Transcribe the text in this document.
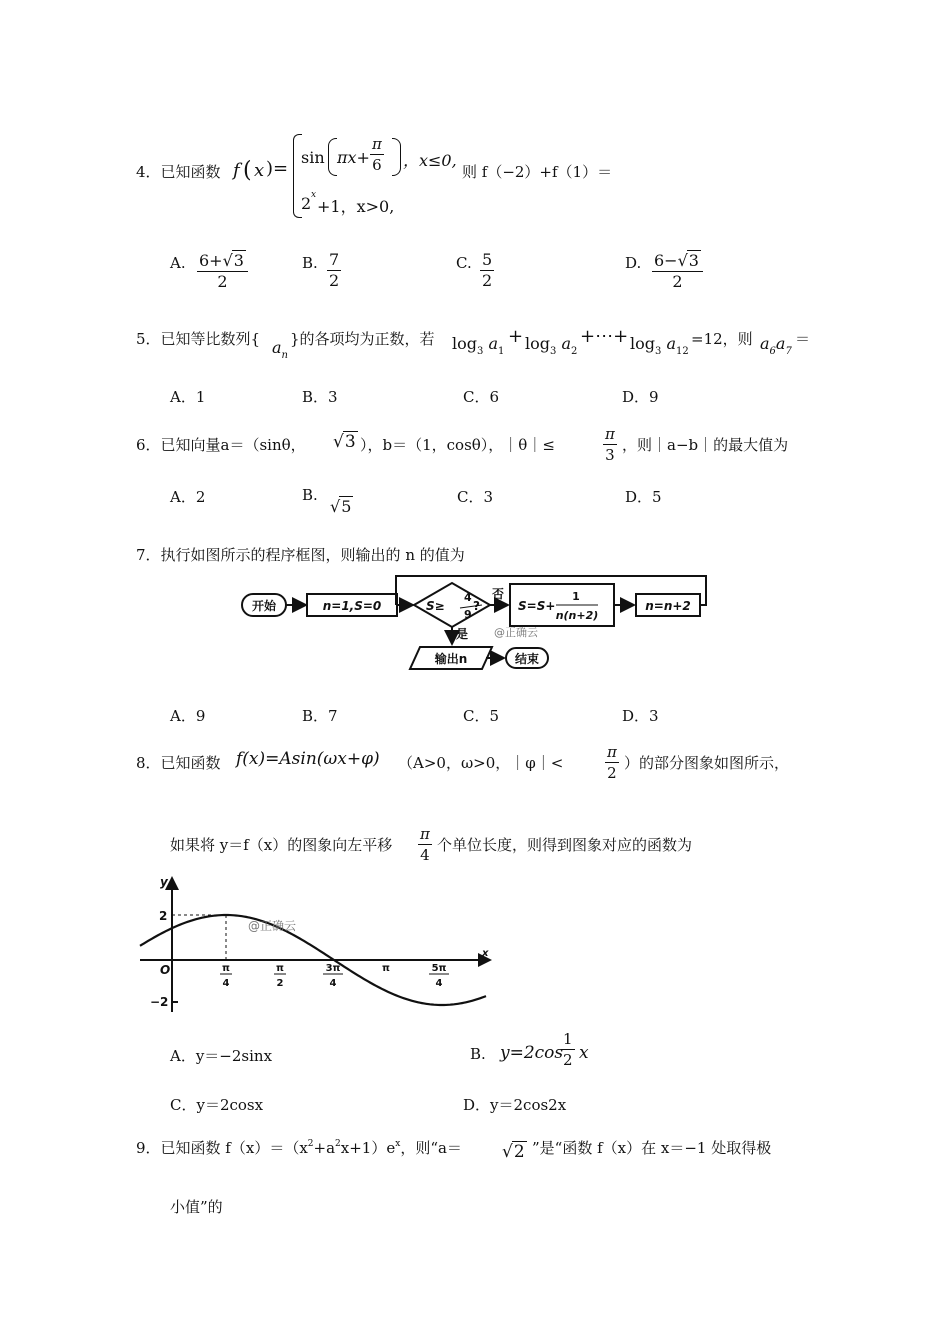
4．已知函数 f ( x )=
$\sin \pi x+ \frac{\pi}{6}$ ，x≤0,
2 x
+1，x>0,
则 f（−2）+f（1）＝
A. $\frac{6+√3}{2}$	B. $\frac{7}{2}$	C. $\frac{5}{2}$	D. $\frac{6-√3}{2}$
5．已知等比数列{ $a_n$
}的各项均为正数，若 $\log_3 a_1$
+ $\log_3 a_2$
+⋯+ $\log_3 a_{12}$
=12，则 $a_6a_7$
＝
A．1	B．3	C．6	D．9
6．已知向量a＝（sinθ， √3 ），b＝（1，cosθ），｜θ｜≤	$\frac{\pi}{3}$ ，则｜a−b｜的最大值为
A．2	B.
√5	C．3	D．5
7．执行如图所示的程序框图，则输出的 n 的值为
开始	n=1,S=0	S≥
4
9
?
否
S=S+
1
n(n+2)
n=n+2
是
输出n	结束
@正确云
A．9	B．7	C．5	D．3
8．已知函数 f(x)=Asin(ωx+φ) （A>0，ω>0，｜φ｜<	$\frac{\pi}{2}$ ）的部分图象如图所示，
如果将 y＝f（x）的图象向左平移 $\frac{\pi}{4}$ 个单位长度，则得到图象对应的函数为
y
x
O
2
−2
π
4
π
2
3π
4
π	5π
4
@正确云
A．y＝−2sinx	B. y=2cos
$\frac{1}{2}$ x
C．y＝2cosx	D．y＝2cos2x
9．已知函数 $f(x)=(x^2+a^2x+1)e^x$，则“a＝ √2 ”是“函数 f（x）在 x＝−1 处取得极
小值”的
